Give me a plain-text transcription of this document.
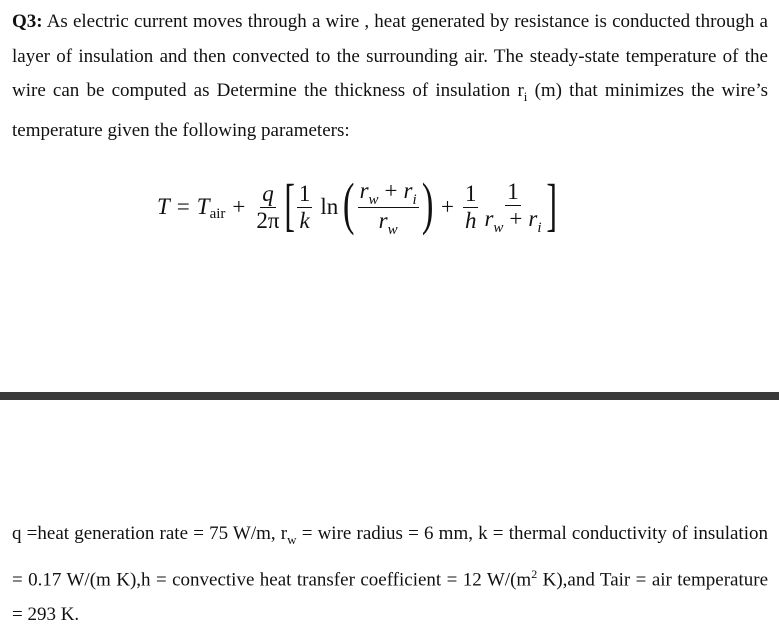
Q3: As electric current moves through a wire , heat generated by resistance is conducted through a layer of insulation and then convected to the surrounding air. The steady-state temperature of the wire can be computed as Determine the thickness of insulation $r_i$ (m) that minimizes the wire’s temperature given the following parameters:
T = T air + $\frac{q}{2\pi}$ [ $\frac{1}{k}$ ln ( $\frac{r_w + r_i}{r_w}$ ) + $\frac{1}{h} \frac{1}{r_w + r_i}$ ]
q =heat generation rate = 75 W/m, $r_w$ = wire radius = 6 mm, k = thermal conductivity of insulation = 0.17 W/(m K),h = convective heat transfer coefficient = 12 $W/(m^2$ K),and Tair = air temperature = 293 K.
